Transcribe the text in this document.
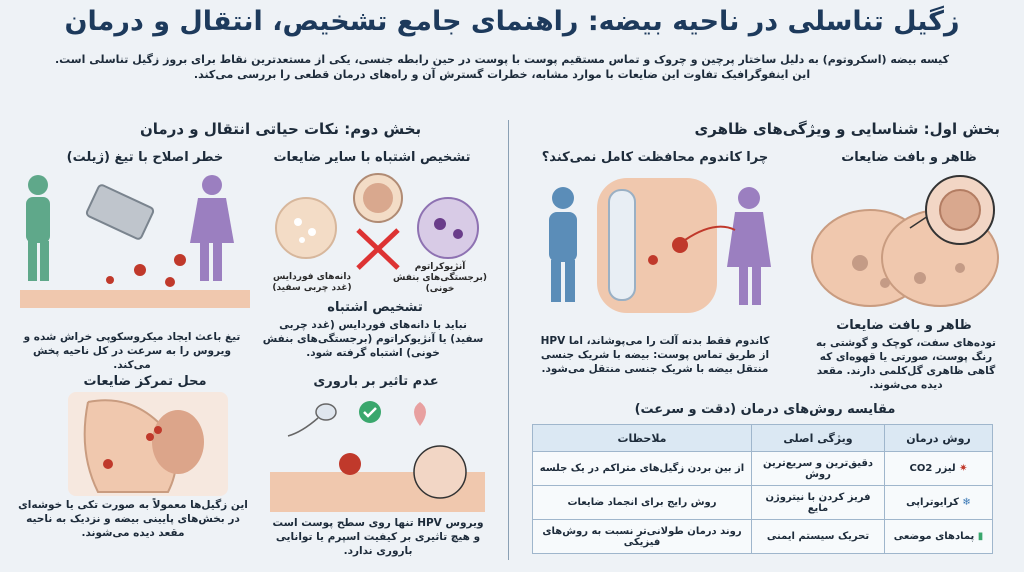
زگیل تناسلی در ناحیه بیضه: راهنمای جامع تشخیص، انتقال و درمان
کیسه بیضه (اسکروتوم) به دلیل ساختار پرچین و چروک و تماس مستقیم پوست با پوست در حین رابطه جنسی، یکی از مستعدترین نقاط برای بروز زگیل تناسلی است.
این اینفوگرافیک تفاوت این ضایعات با موارد مشابه، خطرات گسترش آن و راه‌های درمان قطعی را بررسی می‌کند.
بخش اول: شناسایی و ویژگی‌های ظاهری
ظاهر و بافت ضایعات
ظاهر و بافت ضایعات
توده‌های سفت، کوچک و گوشتی به رنگ پوست، صورتی یا قهوه‌ای که گاهی ظاهری گل‌کلمی دارند. مقعد دیده می‌شوند.
چرا کاندوم محافظت کامل نمی‌کند؟
کاندوم فقط بدنه آلت را می‌پوشاند، اما HPV از طریق تماس پوست: بیضه با شریک جنسی منتقل بیضه با شریک جنسی منتقل می‌شود.
مقایسه روش‌های درمان (دقت و سرعت)
روش درمان	ویژگی اصلی	ملاحظات
✷ لیزر CO2	دقیق‌ترین و سریع‌ترین روش	از بین بردن زگیل‌های متراکم در یک جلسه
❄ کرایوتراپی	فریز کردن با نیتروژن مایع	روش رایج برای انجماد ضایعات
▮ پمادهای موضعی	تحریک سیستم ایمنی	روند درمان طولانی‌تر نسبت به روش‌های فیزیکی
بخش دوم: نکات حیاتی انتقال و درمان
تشخیص اشتباه با سایر ضایعات
دانه‌های فوردایس
(غدد چربی سفید)
آنژیوکراتوم
(برجستگی‌های بنفش خونی)
تشخیص اشتباه
نباید با دانه‌های فوردایس (غدد چربی سفید) یا آنژیوکراتوم (برجستگی‌های بنفش خونی) اشتباه گرفته شود.
خطر اصلاح با تیغ (ژیلت)
تیغ باعث ایجاد میکروسکوپی خراش شده و ویروس را به سرعت در کل ناحیه پخش می‌کند.
عدم تاثیر بر باروری
ویروس HPV تنها روی سطح پوست است و هیچ تاثیری بر کیفیت اسپرم یا توانایی باروری ندارد.
محل تمرکز ضایعات
این زگیل‌ها معمولاً به صورت تکی یا خوشه‌ای در بخش‌های پایینی بیضه و نزدیک به ناحیه مقعد دیده می‌شوند.
